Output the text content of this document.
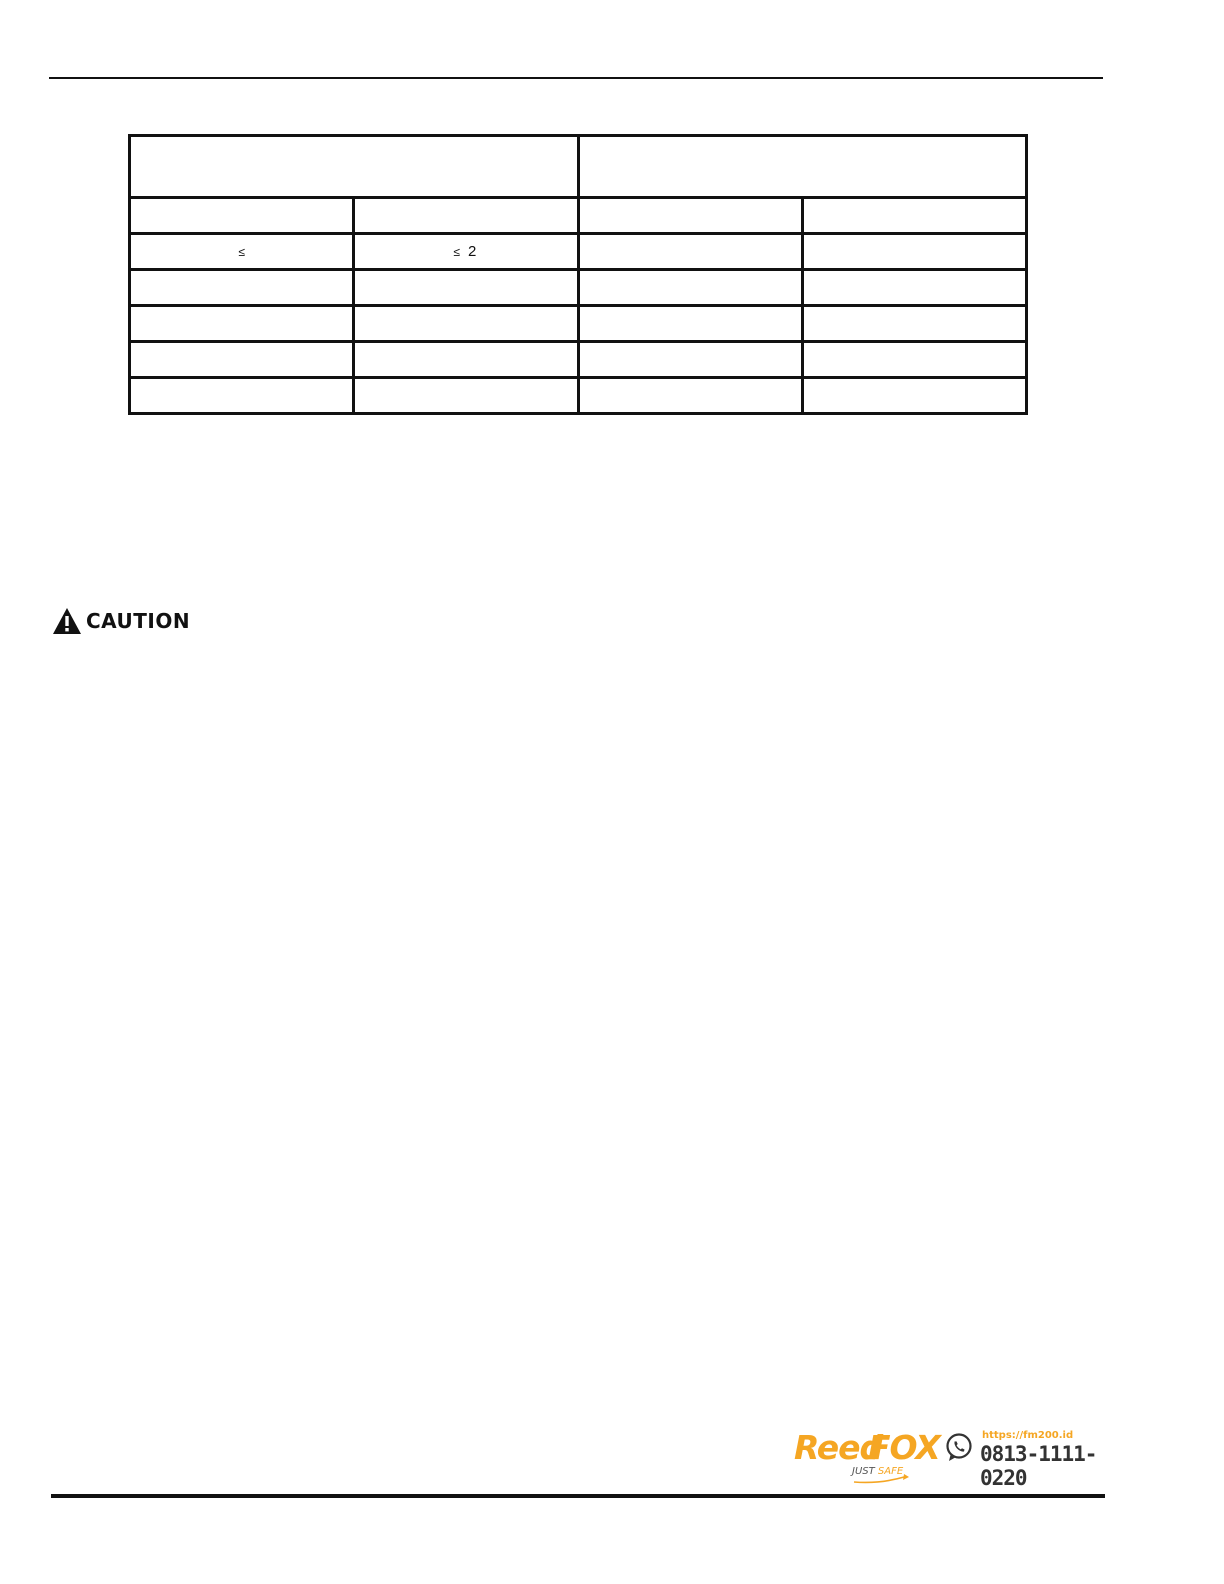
≤	≤ 2		

CAUTION
Reed
FOX
JUST SAFE
https://fm200.id
0813-1111-0220
